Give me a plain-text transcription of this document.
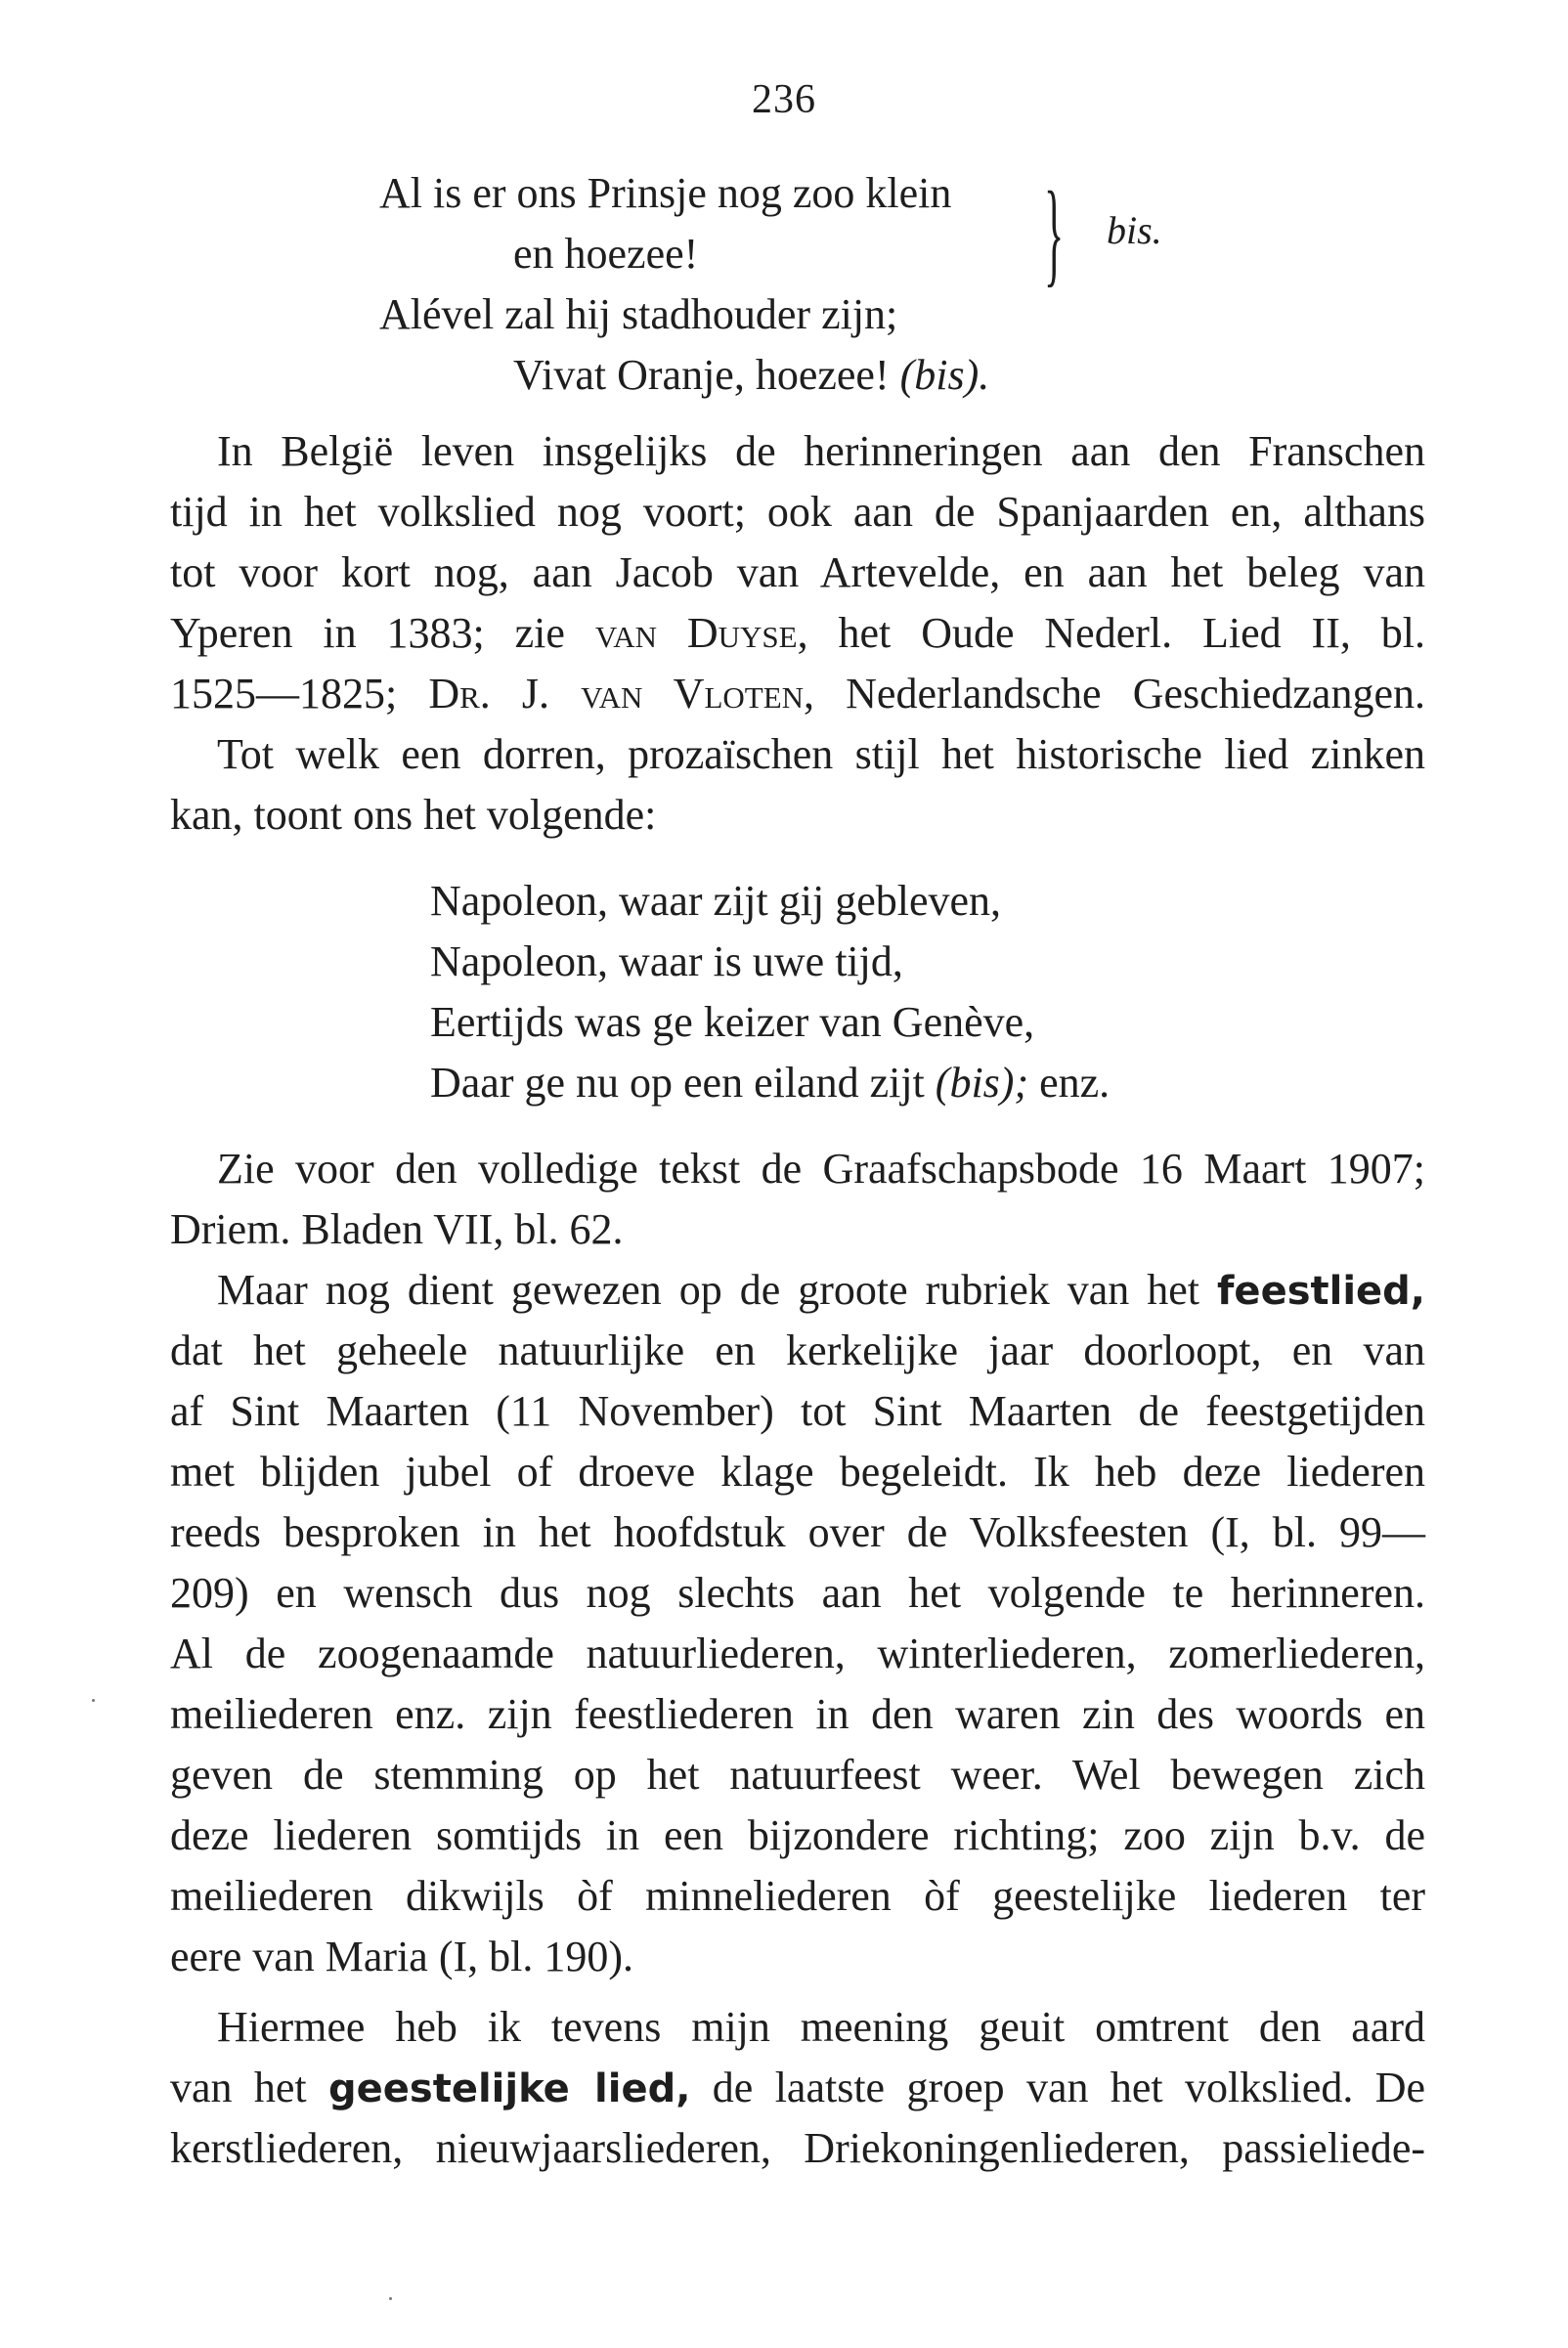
236
Al is er ons Prinsje nog zoo klein
en hoezee!	} bis.
Alével zal hij stadhouder zijn;
Vivat Oranje, hoezee! (bis).
In België leven insgelijks de herinneringen aan den Franschen
tijd in het volkslied nog voort; ook aan de Spanjaarden en, althans
tot voor kort nog, aan Jacob van Artevelde, en aan het beleg van
Yperen in 1383; zie van Duyse, het Oude Nederl. Lied II, bl.
1525—1825; Dr. J. van Vloten, Nederlandsche Geschiedzangen.
Tot welk een dorren, prozaïschen stijl het historische lied zinken
kan, toont ons het volgende:
Napoleon, waar zijt gij gebleven,
Napoleon, waar is uwe tijd,
Eertijds was ge keizer van Genève,
Daar ge nu op een eiland zijt (bis); enz.
Zie voor den volledige tekst de Graafschapsbode 16 Maart 1907;
Driem. Bladen VII, bl. 62.
Maar nog dient gewezen op de groote rubriek van het feestlied,
dat het geheele natuurlijke en kerkelijke jaar doorloopt, en van
af Sint Maarten (11 November) tot Sint Maarten de feestgetijden
met blijden jubel of droeve klage begeleidt. Ik heb deze liederen
reeds besproken in het hoofdstuk over de Volksfeesten (I, bl. 99—
209) en wensch dus nog slechts aan het volgende te herinneren.
Al de zoogenaamde natuurliederen, winterliederen, zomerliederen,
meiliederen enz. zijn feestliederen in den waren zin des woords en
geven de stemming op het natuurfeest weer. Wel bewegen zich
deze liederen somtijds in een bijzondere richting; zoo zijn b.v. de
meiliederen dikwijls òf minneliederen òf geestelijke liederen ter
eere van Maria (I, bl. 190).
Hiermee heb ik tevens mijn meening geuit omtrent den aard
van het geestelijke lied, de laatste groep van het volkslied. De
kerstliederen, nieuwjaarsliederen, Driekoningenliederen, passieliede-
